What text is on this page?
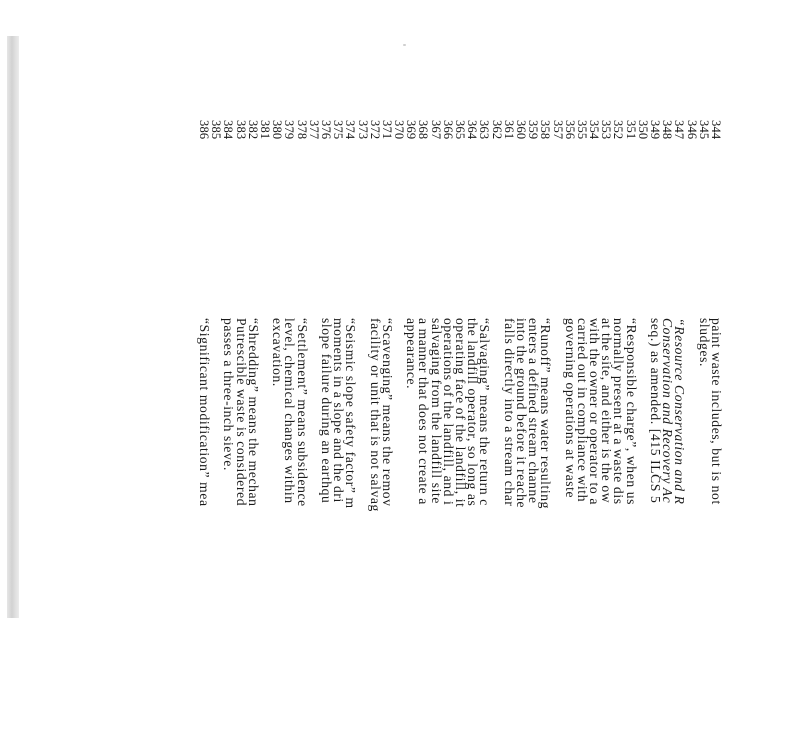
344
345
346
347
348
349
350
351
352
353
354
355
356
357
358
359
360
361
362
363
364
365
366
367
368
369
370
371
372
373
374
375
376
377
378
379
380
381
382
383
384
385
386
paint waste includes, but is not
sludges.
“Resource Conservation and R
Conservation and Recovery Ac
seq.) as amended. [415 ILCS 5
“Responsible charge”, when us
normally present at a waste dis
at the site, and either is the ow
with the owner or operator to a
carried out in compliance with
governing operations at waste
“Runoff” means water resulting
enters a defined stream channe
into the ground before it reache
falls directly into a stream char
“Salvaging” means the return c
the landfill operator, so long as
operating face of the landfill, it
operations of the landfill, and i
salvaging from the landfill site
a manner that does not create a
appearance.
“Scavenging” means the remov
facility or unit that is not salvag
“Seismic slope safety factor” m
moments in a slope and the dri
slope failure during an earthqu
“Settlement” means subsidence
level, chemical changes within
excavation.
“Shredding” means the mechan
Putrescible waste is considered
passes a three-inch sieve.
“Significant modification” mea
